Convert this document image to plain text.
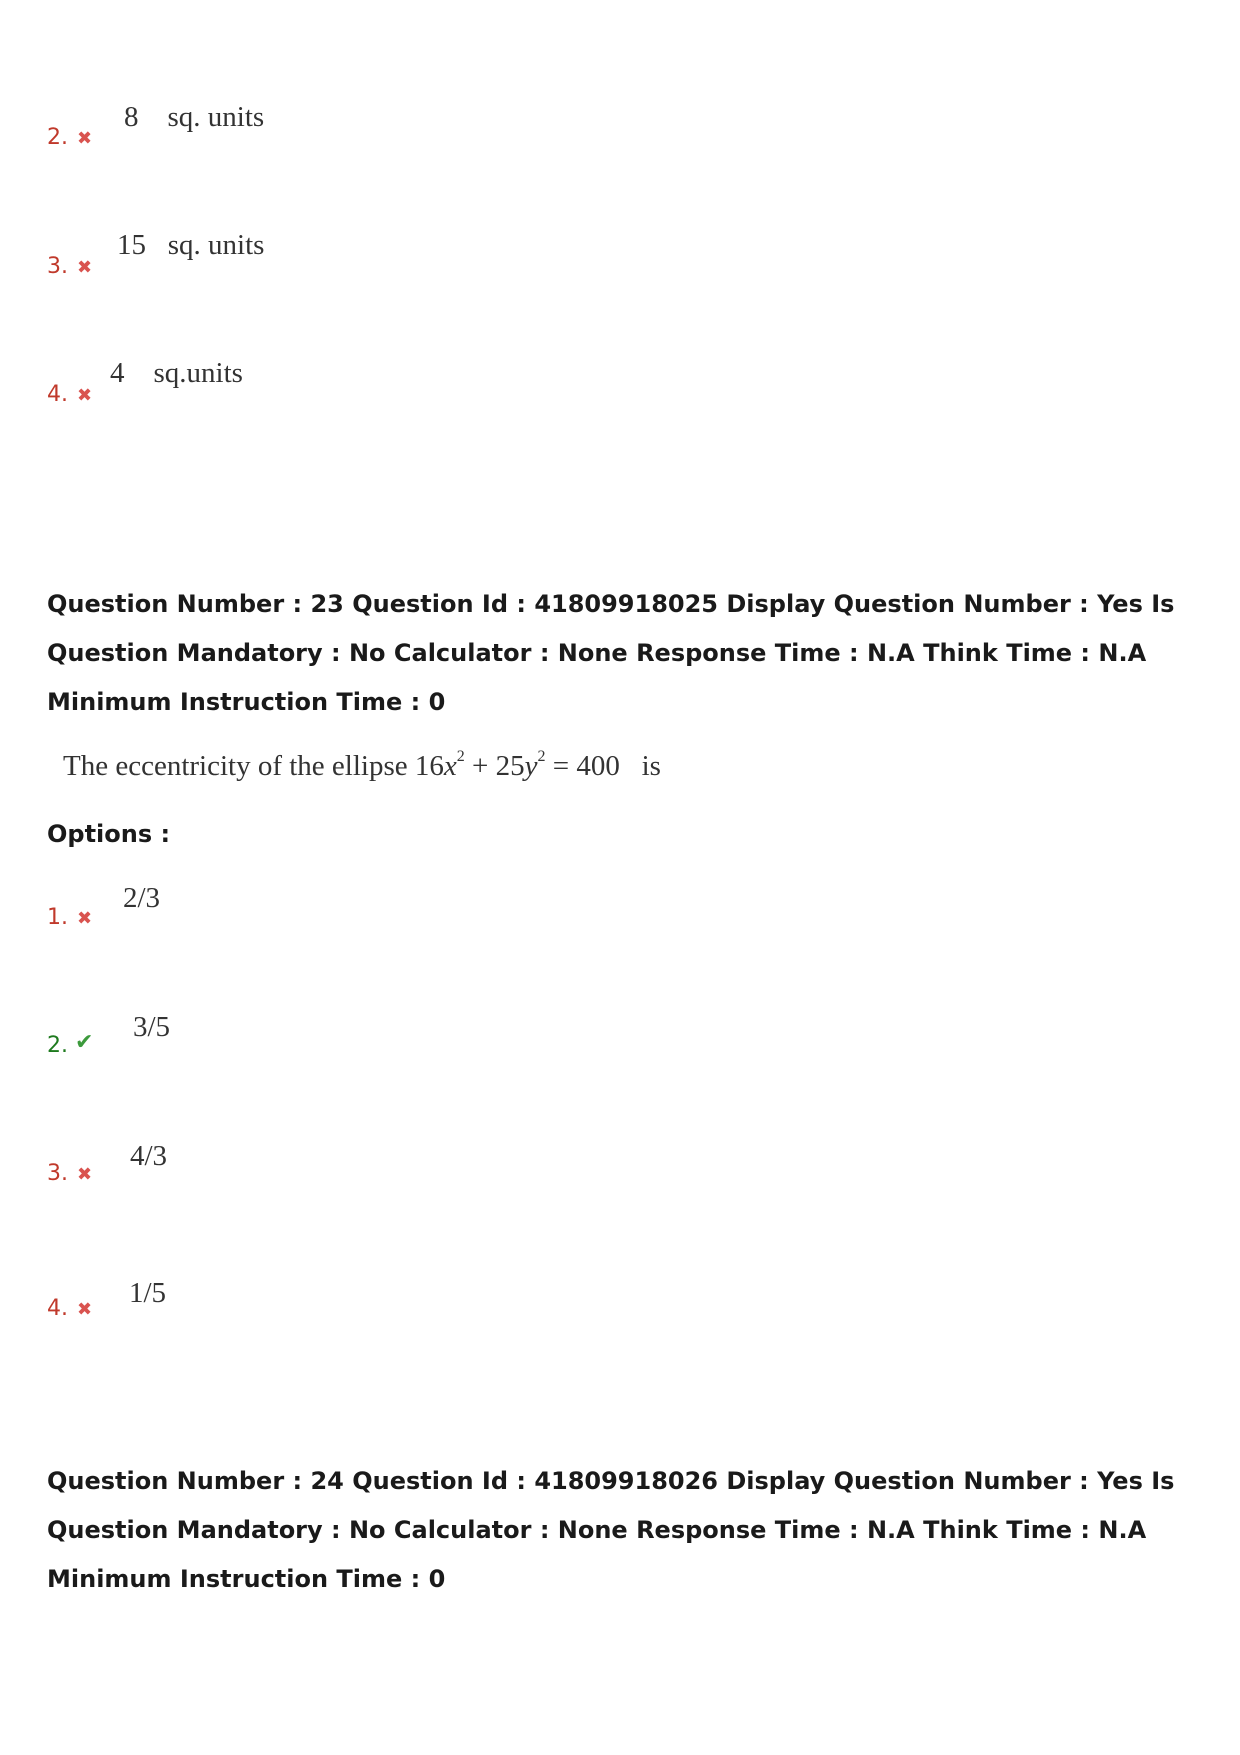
2. ✖
8    sq. units
3. ✖
15   sq. units
4. ✖
4    sq.units
Question Number : 23 Question Id : 41809918025 Display Question Number : Yes Is Question Mandatory : No Calculator : None Response Time : N.A Think Time : N.A Minimum Instruction Time : 0
The eccentricity of the ellipse $16x^2 + 25y^2 = 400$   is
Options :
1. ✖
2/3
2. ✔ 3/5
3. ✖
4/3
4. ✖
1/5
Question Number : 24 Question Id : 41809918026 Display Question Number : Yes Is Question Mandatory : No Calculator : None Response Time : N.A Think Time : N.A Minimum Instruction Time : 0
